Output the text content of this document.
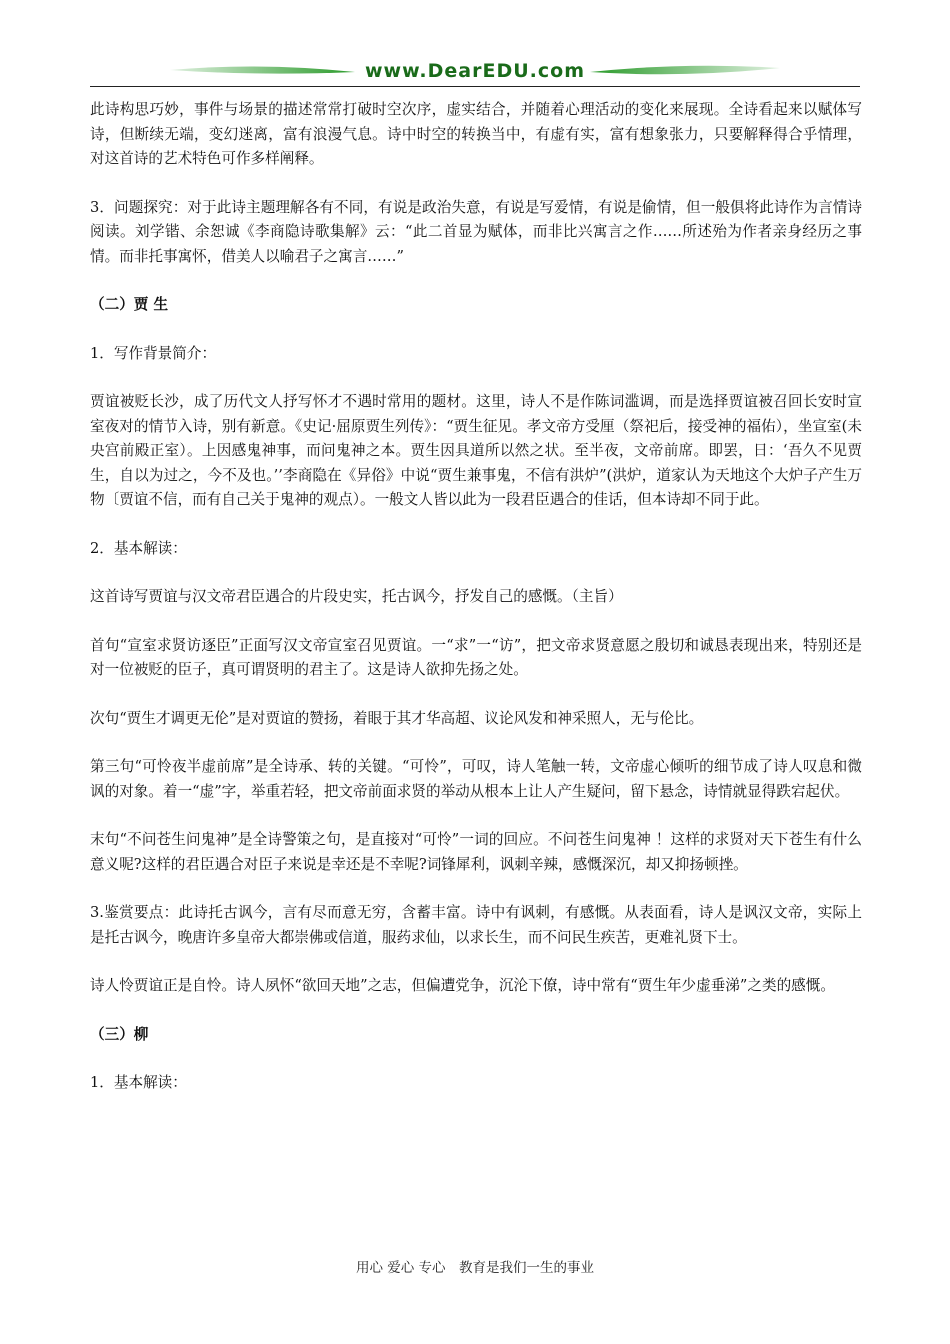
www.DearEDU.com

此诗构思巧妙，事件与场景的描述常常打破时空次序，虚实结合，并随着心理活动的变化来展现。全诗看起来以赋体写诗，但断续无端，变幻迷离，富有浪漫气息。诗中时空的转换当中，有虚有实，富有想象张力，只要解释得合乎情理，对这首诗的艺术特色可作多样阐释。

3．问题探究：对于此诗主题理解各有不同，有说是政治失意，有说是写爱情，有说是偷情，但一般俱将此诗作为言情诗阅读。刘学锴、余恕诚《李商隐诗歌集解》云：“此二首显为赋体，而非比兴寓言之作……所述殆为作者亲身经历之事情。而非托事寓怀，借美人以喻君子之寓言……”

（二）贾 生

1．写作背景简介：

贾谊被贬长沙，成了历代文人抒写怀才不遇时常用的题材。这里，诗人不是作陈词滥调，而是选择贾谊被召回长安时宣室夜对的情节入诗，别有新意。《史记·屈原贾生列传》：“贾生征见。孝文帝方受厘（祭祀后，接受神的福佑），坐宣室(未央宫前殿正室）。上因感鬼神事，而问鬼神之本。贾生因具道所以然之状。至半夜，文帝前席。即罢，日：‘吾久不见贾生，自以为过之，今不及也。’’李商隐在《异俗》中说“贾生兼事鬼，不信有洪炉”(洪炉，道家认为天地这个大炉子产生万物〔贾谊不信，而有自己关于鬼神的观点）。一般文人皆以此为一段君臣遇合的佳话，但本诗却不同于此。

2．基本解读：

这首诗写贾谊与汉文帝君臣遇合的片段史实，托古讽今，抒发自己的感慨。（主旨）

首句“宣室求贤访逐臣”正面写汉文帝宣室召见贾谊。一“求”一“访”，把文帝求贤意愿之殷切和诚恳表现出来，特别还是对一位被贬的臣子，真可谓贤明的君主了。这是诗人欲抑先扬之处。

次句“贾生才调更无伦”是对贾谊的赞扬，着眼于其才华高超、议论风发和神采照人，无与伦比。

第三句“可怜夜半虚前席”是全诗承、转的关键。“可怜”，可叹，诗人笔触一转，文帝虚心倾听的细节成了诗人叹息和微讽的对象。着一“虚”字，举重若轻，把文帝前面求贤的举动从根本上让人产生疑问，留下悬念，诗情就显得跌宕起伏。

末句“不问苍生问鬼神”是全诗警策之句，是直接对“可怜”一词的回应。不问苍生问鬼神 ！这样的求贤对天下苍生有什么意义呢?这样的君臣遇合对臣子来说是幸还是不幸呢?词锋犀利，讽刺辛辣，感慨深沉，却又抑扬顿挫。

3.鉴赏要点：此诗托古讽今，言有尽而意无穷，含蓄丰富。诗中有讽刺，有感慨。从表面看，诗人是讽汉文帝，实际上是托古讽今，晚唐许多皇帝大都崇佛或信道，服药求仙，以求长生，而不问民生疾苦，更难礼贤下士。

诗人怜贾谊正是自怜。诗人夙怀“欲回天地”之志，但偏遭党争，沉沦下僚，诗中常有“贾生年少虚垂涕”之类的感慨。

（三）柳

1．基本解读：

用心 爱心 专心　教育是我们一生的事业
